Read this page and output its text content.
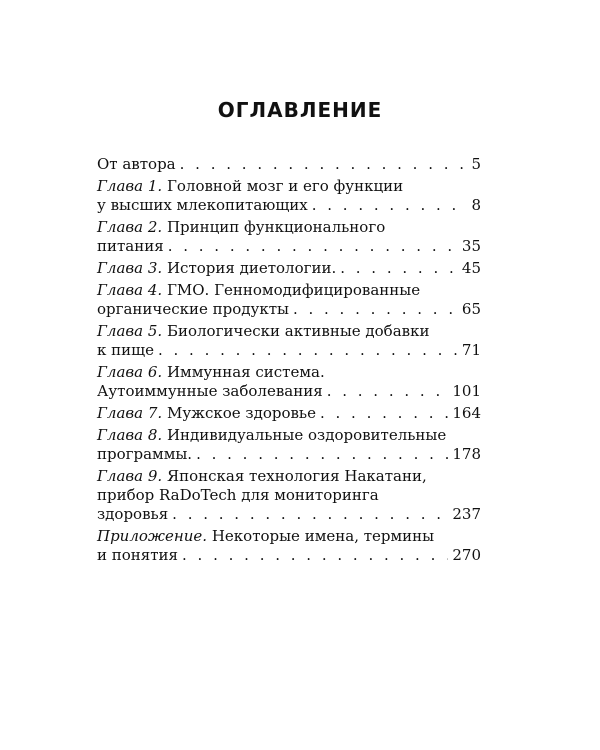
ОГЛАВЛЕНИЕ
От автора . . .	5
Глава 1. Головной мозг и его функции
у высших млекопитающих . . .	8
Глава 2. Принцип функционального
питания . . .	35
Глава 3. История диетологии. . . .	45
Глава 4. ГМО. Генномодифицированные
органические продукты . . .	65
Глава 5. Биологически активные добавки
к пище . . .	71
Глава 6. Иммунная система.
Аутоиммунные заболевания . . .	101
Глава 7. Мужское здоровье . . .	164
Глава 8. Индивидуальные оздоровительные
программы. . . .	178
Глава 9. Японская технология Накатани,
прибор RaDoTech для мониторинга
здоровья . . .	237
Приложение. Некоторые имена, термины
и понятия . . .	270
